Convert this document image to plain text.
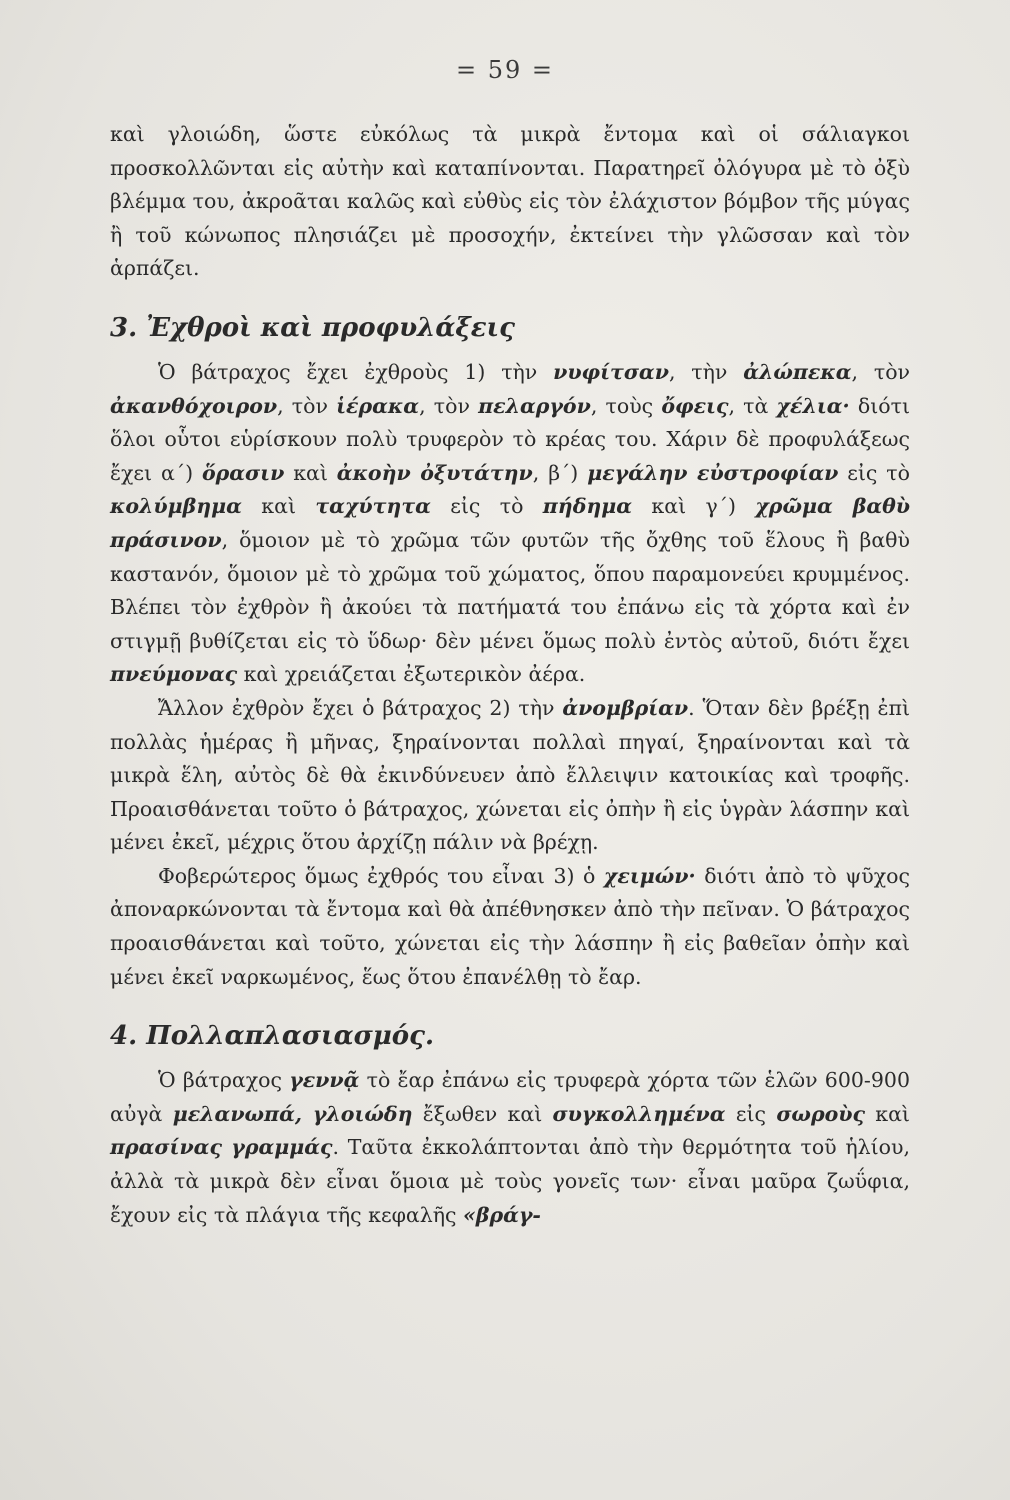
= 59 =

καὶ γλοιώδη, ὥστε εὐκόλως τὰ μικρὰ ἔντομα καὶ οἱ σάλιαγκοι προσκολλῶνται εἰς αὐτὴν καὶ καταπίνονται. Παρατηρεῖ ὀλόγυρα μὲ τὸ ὀξὺ βλέμμα του, ἀκροᾶται καλῶς καὶ εὐθὺς εἰς τὸν ἐλάχιστον βόμβον τῆς μύγας ἢ τοῦ κώνωπος πλησιάζει μὲ προσοχήν, ἐκτείνει τὴν γλῶσσαν καὶ τὸν ἁρπάζει.

3. Ἐχθροὶ καὶ προφυλάξεις

Ὁ βάτραχος ἔχει ἐχθροὺς 1) τὴν νυφίτσαν, τὴν ἀλώπεκα, τὸν ἀκανθόχοιρον, τὸν ἱέρακα, τὸν πελαργόν, τοὺς ὄφεις, τὰ χέλια· διότι ὅλοι οὗτοι εὑρίσκουν πολὺ τρυφερὸν τὸ κρέας του. Χάριν δὲ προφυλάξεως ἔχει α΄) ὅρασιν καὶ ἀκοὴν ὀξυτάτην, β΄) μεγάλην εὐστροφίαν εἰς τὸ κολύμβημα καὶ ταχύτητα εἰς τὸ πήδημα καὶ γ΄) χρῶμα βαθὺ πράσινον, ὅμοιον μὲ τὸ χρῶμα τῶν φυτῶν τῆς ὄχθης τοῦ ἕλους ἢ βαθὺ καστανόν, ὅμοιον μὲ τὸ χρῶμα τοῦ χώματος, ὅπου παραμονεύει κρυμμένος. Βλέπει τὸν ἐχθρὸν ἢ ἀκούει τὰ πατήματά του ἐπάνω εἰς τὰ χόρτα καὶ ἐν στιγμῇ βυθίζεται εἰς τὸ ὕδωρ· δὲν μένει ὅμως πολὺ ἐντὸς αὐτοῦ, διότι ἔχει πνεύμονας καὶ χρειάζεται ἐξωτερικὸν ἀέρα.

Ἄλλον ἐχθρὸν ἔχει ὁ βάτραχος 2) τὴν ἀνομβρίαν. Ὅταν δὲν βρέξῃ ἐπὶ πολλὰς ἡμέρας ἢ μῆνας, ξηραίνονται πολλαὶ πηγαί, ξηραίνονται καὶ τὰ μικρὰ ἕλη, αὐτὸς δὲ θὰ ἐκινδύνευεν ἀπὸ ἔλλειψιν κατοικίας καὶ τροφῆς. Προαισθάνεται τοῦτο ὁ βάτραχος, χώνεται εἰς ὀπὴν ἢ εἰς ὑγρὰν λάσπην καὶ μένει ἐκεῖ, μέχρις ὅτου ἀρχίζῃ πάλιν νὰ βρέχῃ.

Φοβερώτερος ὅμως ἐχθρός του εἶναι 3) ὁ χειμών· διότι ἀπὸ τὸ ψῦχος ἀποναρκώνονται τὰ ἔντομα καὶ θὰ ἀπέθνησκεν ἀπὸ τὴν πεῖναν. Ὁ βάτραχος προαισθάνεται καὶ τοῦτο, χώνεται εἰς τὴν λάσπην ἢ εἰς βαθεῖαν ὀπὴν καὶ μένει ἐκεῖ ναρκωμένος, ἕως ὅτου ἐπανέλθῃ τὸ ἔαρ.

4. Πολλαπλασιασμός.

Ὁ βάτραχος γεννᾷ τὸ ἔαρ ἐπάνω εἰς τρυφερὰ χόρτα τῶν ἑλῶν 600-900 αὐγὰ μελανωπά, γλοιώδη ἔξωθεν καὶ συγκολλημένα εἰς σωροὺς καὶ πρασίνας γραμμάς. Ταῦτα ἐκκολάπτονται ἀπὸ τὴν θερμότητα τοῦ ἡλίου, ἀλλὰ τὰ μικρὰ δὲν εἶναι ὅμοια μὲ τοὺς γονεῖς των· εἶναι μαῦρα ζωΰφια, ἔχουν εἰς τὰ πλάγια τῆς κεφαλῆς «βράγ-
